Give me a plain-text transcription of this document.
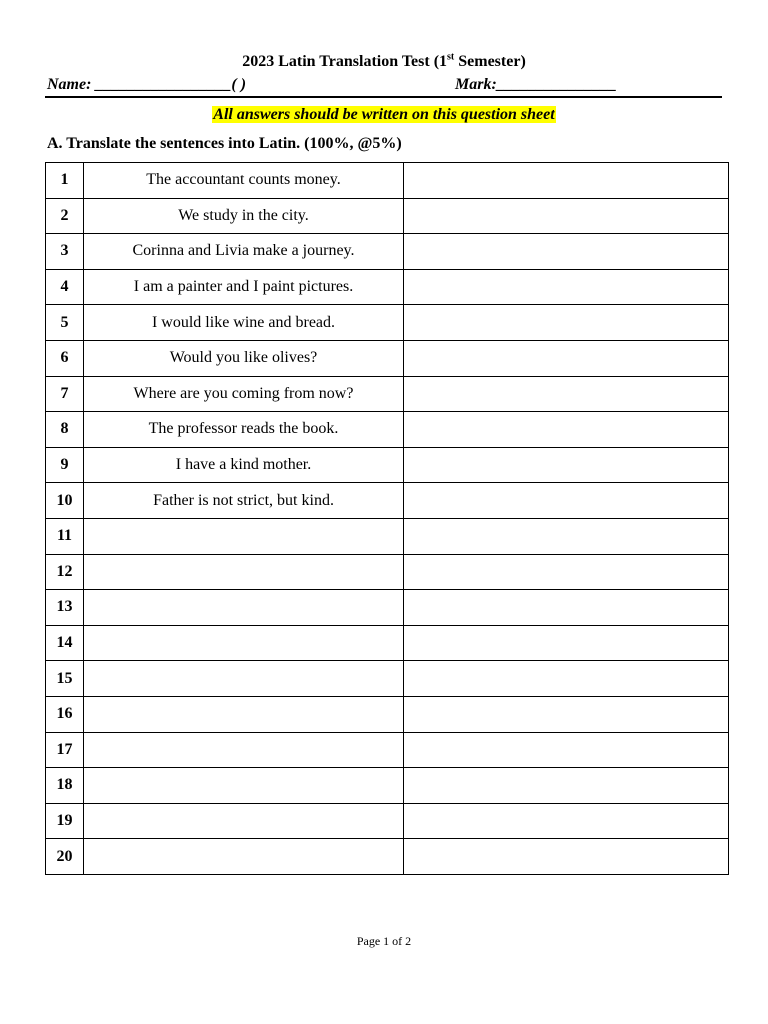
2023 Latin Translation Test (1st Semester)
Name: _________________( )	Mark:_______________
All answers should be written on this question sheet
A. Translate the sentences into Latin. (100%, @5%)
1	The accountant counts money.	
2	We study in the city.	
3	Corinna and Livia make a journey.	
4	I am a painter and I paint pictures.	
5	I would like wine and bread.	
6	Would you like olives?	
7	Where are you coming from now?	
8	The professor reads the book.	
9	I have a kind mother.	
10	Father is not strict, but kind.	
11		
12		
13		
14		
15		
16		
17		
18		
19		
20		
Page 1 of 2
